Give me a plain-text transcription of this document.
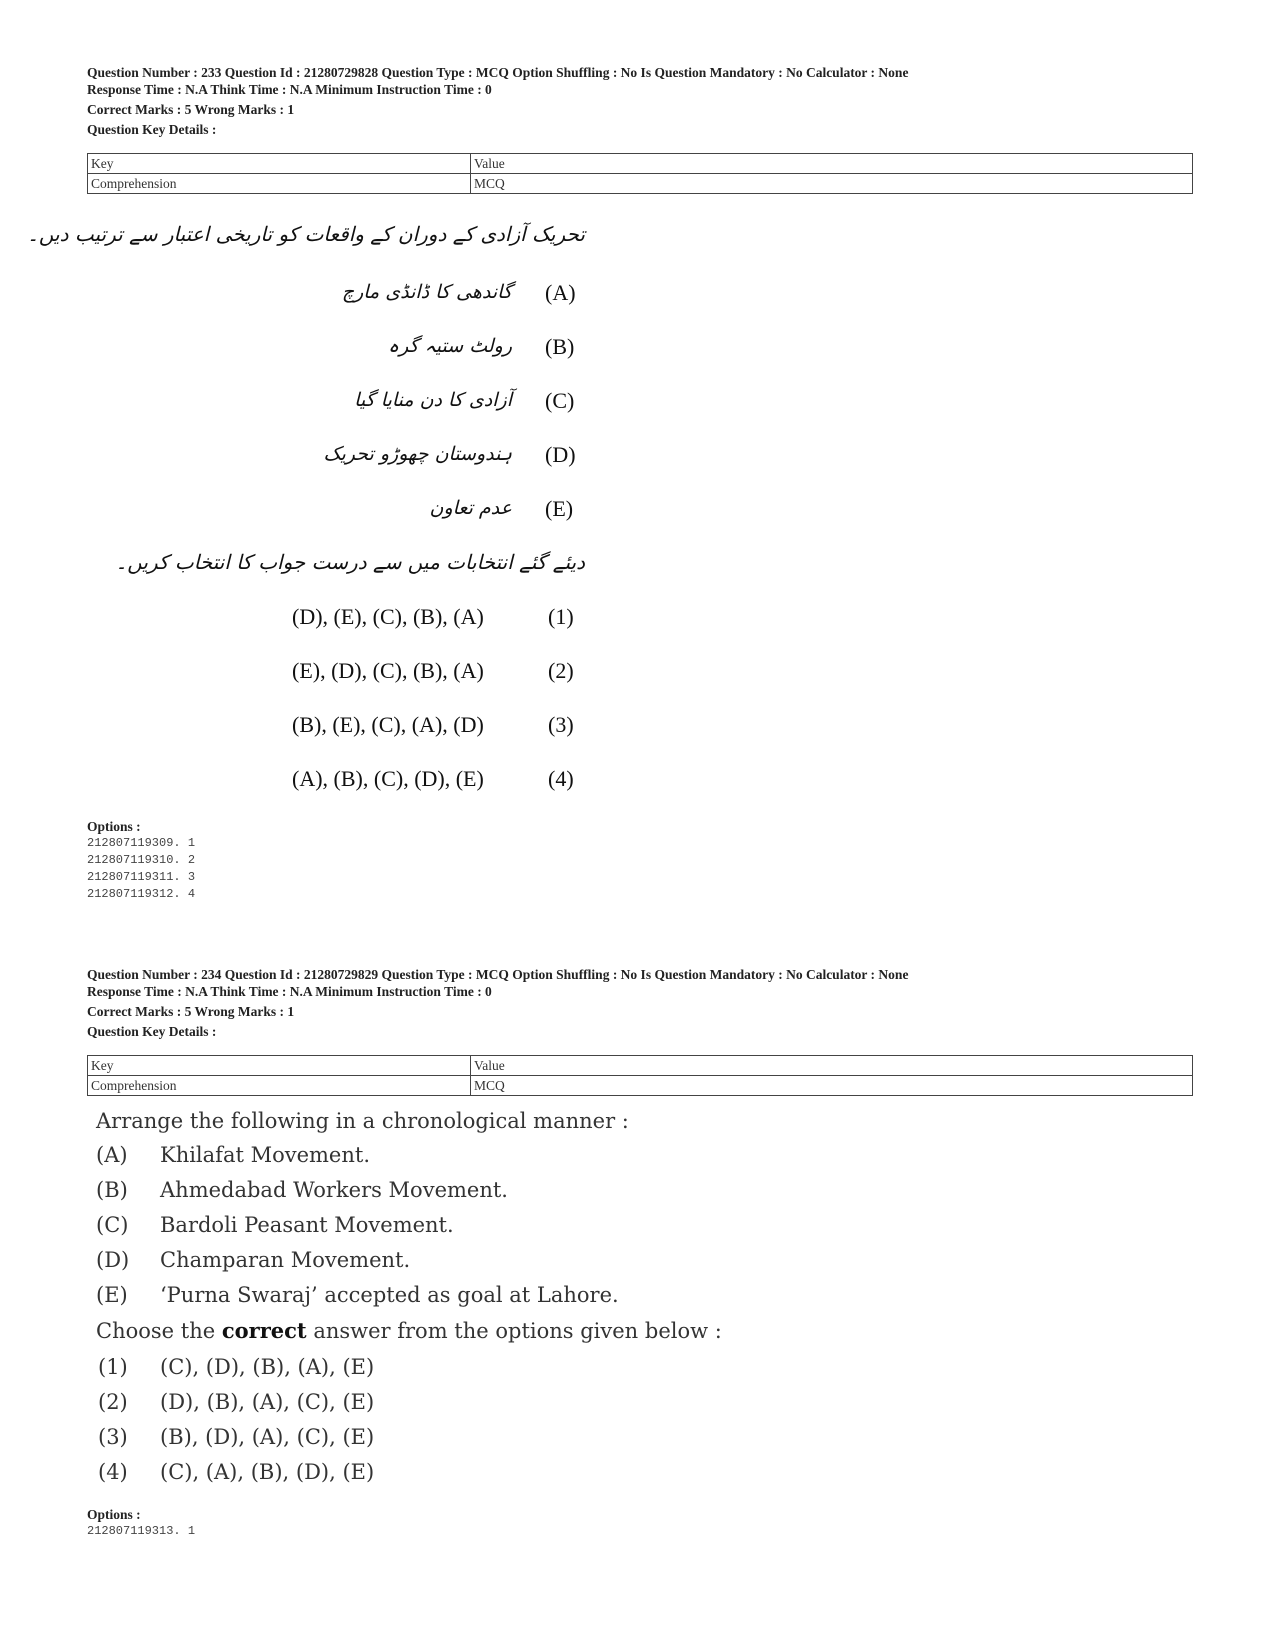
Question Number : 233 Question Id : 21280729828 Question Type : MCQ Option Shuffling : No Is Question Mandatory : No Calculator : None
Response Time : N.A Think Time : N.A Minimum Instruction Time : 0
Correct Marks : 5 Wrong Marks : 1
Question Key Details :
Key	Value
Comprehension	MCQ
تحریک آزادی کے دوران کے واقعات کو تاریخی اعتبار سے ترتیب دیں۔
(A)
گاندھی کا ڈانڈی مارچ
(B)
رولٹ ستیہ گرہ
(C)
آزادی کا دن منایا گیا
(D)
ہندوستان چھوڑو تحریک
(E)
عدم تعاون
دیئے گئے انتخابات میں سے درست جواب کا انتخاب کریں۔
(D), (E), (C), (B), (A)	(1)
(E), (D), (C), (B), (A)	(2)
(B), (E), (C), (A), (D)	(3)
(A), (B), (C), (D), (E)	(4)
Options :
212807119309. 1
212807119310. 2
212807119311. 3
212807119312. 4
Question Number : 234 Question Id : 21280729829 Question Type : MCQ Option Shuffling : No Is Question Mandatory : No Calculator : None
Response Time : N.A Think Time : N.A Minimum Instruction Time : 0
Correct Marks : 5 Wrong Marks : 1
Question Key Details :
Key	Value
Comprehension	MCQ
Arrange the following in a chronological manner :
(A) Khilafat Movement.
(B) Ahmedabad Workers Movement.
(C) Bardoli Peasant Movement.
(D) Champaran Movement.
(E) ‘Purna Swaraj’ accepted as goal at Lahore.
Choose the correct answer from the options given below :
(1) (C), (D), (B), (A), (E)
(2) (D), (B), (A), (C), (E)
(3) (B), (D), (A), (C), (E)
(4) (C), (A), (B), (D), (E)
Options :
212807119313. 1
